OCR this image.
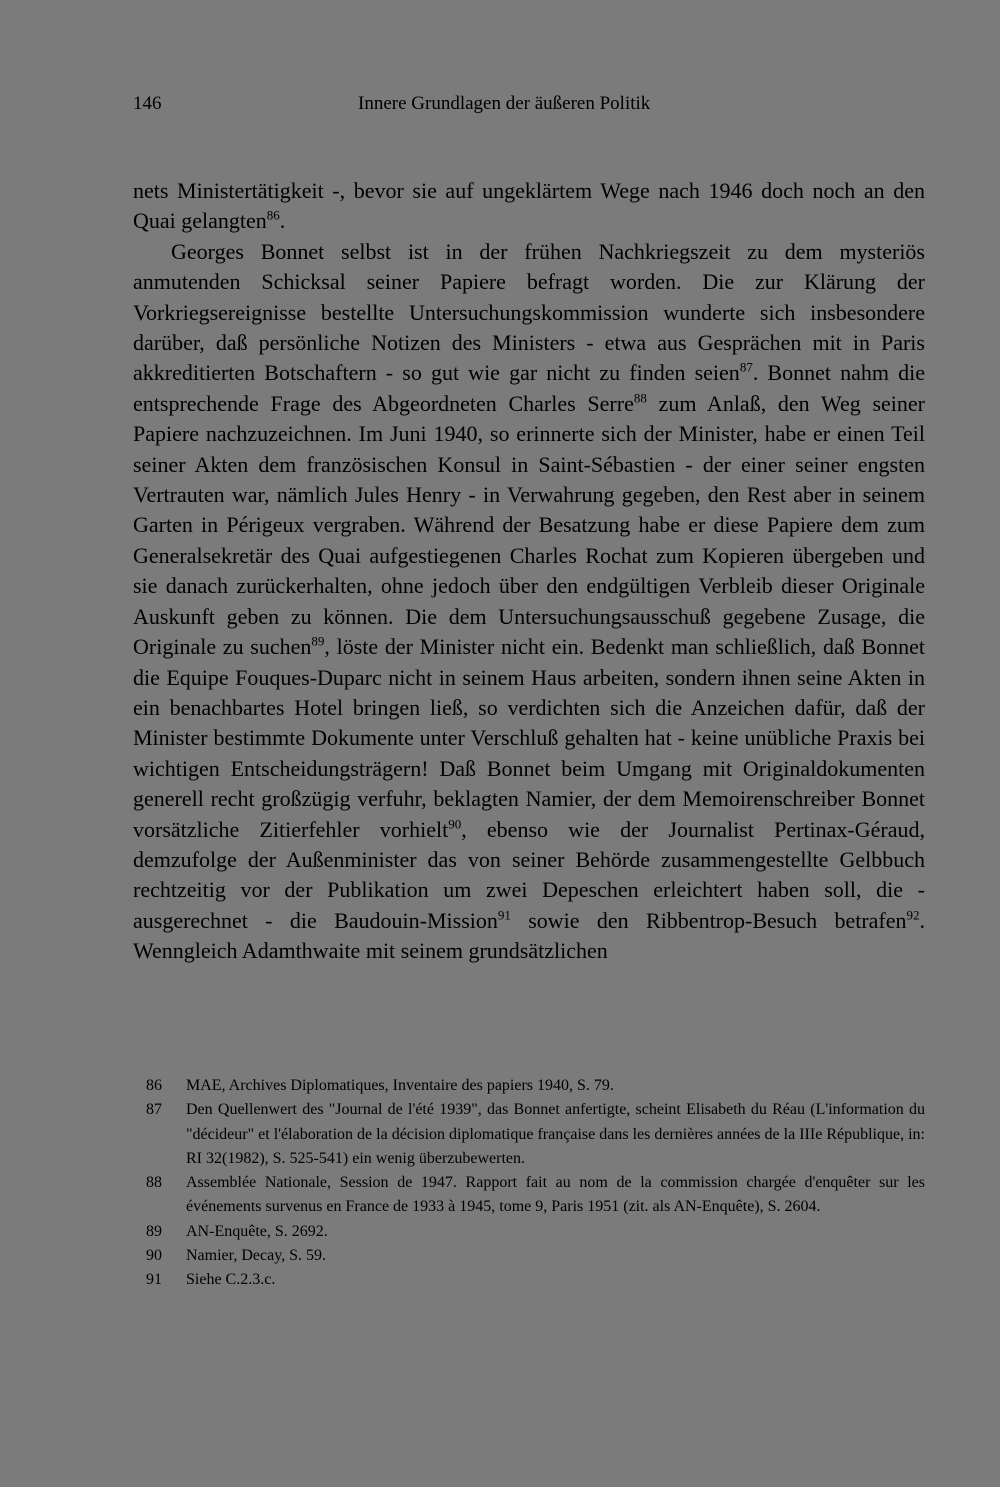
146	Innere Grundlagen der äußeren Politik

nets Ministertätigkeit -, bevor sie auf ungeklärtem Wege nach 1946 doch noch an den Quai gelangten$^{86}$.

Georges Bonnet selbst ist in der frühen Nachkriegszeit zu dem mysteriös anmutenden Schicksal seiner Papiere befragt worden. Die zur Klärung der Vorkriegsereignisse bestellte Untersuchungskommission wunderte sich insbesondere darüber, daß persönliche Notizen des Ministers - etwa aus Gesprächen mit in Paris akkreditierten Botschaftern - so gut wie gar nicht zu finden seien$^{87}$. Bonnet nahm die entsprechende Frage des Abgeordneten Charles Serre$^{88}$ zum Anlaß, den Weg seiner Papiere nachzuzeichnen. Im Juni 1940, so erinnerte sich der Minister, habe er einen Teil seiner Akten dem französischen Konsul in Saint-Sébastien - der einer seiner engsten Vertrauten war, nämlich Jules Henry - in Verwahrung gegeben, den Rest aber in seinem Garten in Périgeux vergraben. Während der Besatzung habe er diese Papiere dem zum Generalsekretär des Quai aufgestiegenen Charles Rochat zum Kopieren übergeben und sie danach zurückerhalten, ohne jedoch über den endgültigen Verbleib dieser Originale Auskunft geben zu können. Die dem Untersuchungsausschuß gegebene Zusage, die Originale zu suchen$^{89}$, löste der Minister nicht ein. Bedenkt man schließlich, daß Bonnet die Equipe Fouques-Duparc nicht in seinem Haus arbeiten, sondern ihnen seine Akten in ein benachbartes Hotel bringen ließ, so verdichten sich die Anzeichen dafür, daß der Minister bestimmte Dokumente unter Verschluß gehalten hat - keine unübliche Praxis bei wichtigen Entscheidungsträgern! Daß Bonnet beim Umgang mit Originaldokumenten generell recht großzügig verfuhr, beklagten Namier, der dem Memoirenschreiber Bonnet vorsätzliche Zitierfehler vorhielt$^{90}$, ebenso wie der Journalist Pertinax-Géraud, demzufolge der Außenminister das von seiner Behörde zusammengestellte Gelbbuch rechtzeitig vor der Publikation um zwei Depeschen erleichtert haben soll, die - ausgerechnet - die Baudouin-Mission$^{91}$ sowie den Ribbentrop-Besuch betrafen$^{92}$. Wenngleich Adamthwaite mit seinem grundsätzlichen

86 MAE, Archives Diplomatiques, Inventaire des papiers 1940, S. 79.
87 Den Quellenwert des "Journal de l'été 1939", das Bonnet anfertigte, scheint Elisabeth du Réau (L'information du "décideur" et l'élaboration de la décision diplomatique française dans les dernières années de la IIIe République, in: RI 32(1982), S. 525-541) ein wenig überzubewerten.
88 Assemblée Nationale, Session de 1947. Rapport fait au nom de la commission chargée d'enquêter sur les événements survenus en France de 1933 à 1945, tome 9, Paris 1951 (zit. als AN-Enquête), S. 2604.
89 AN-Enquête, S. 2692.
90 Namier, Decay, S. 59.
91 Siehe C.2.3.c.
